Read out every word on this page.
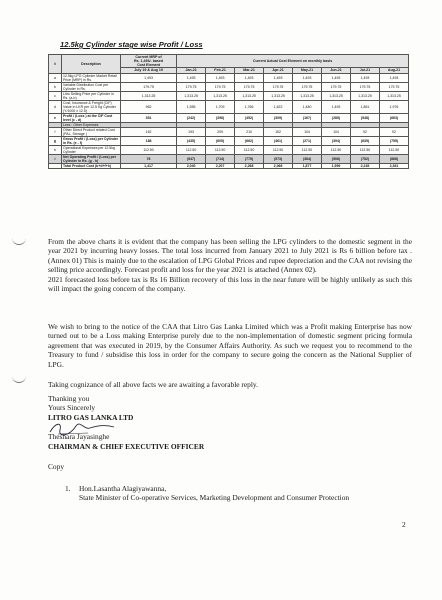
12.5kg Cylinder stage wise Profit / Loss
#	Description	Current MRP of
Rs. 1,493/- based
Cost Element	Current Actual Cost Element on monthly basis							
		July 19 & Aug 19	Jan-21	Feb-21	Mar-21	Apr-21	May-21	Jun-21	Jul-21	Aug-21
a	12.5kg LPG Cylinder Market Retail Price (MRP) in Rs.	1,493	1,493	1,493	1,493	1,493	1,493	1,493	1,493	1,493
b	Variable Distribution Cost per Cylinder in Rs.	179.75	179.75	179.75	179.75	179.75	179.75	179.75	179.75	179.75
c	Litro Selling Price per Cylinder in Rs. (a-b)	1,313.25	1,313.25	1,313.25	1,313.25	1,313.25	1,313.25	1,313.25	1,313.25	1,313.25
d	Cost, Insurance & Freight (CIF) Value in LKR per 12.5 Kg Cylinder (Y/1000 x 12.5)	962	1,555	1,709	1,766	1,622	1,480	1,493	1,861	1,976
e	Profit / (Loss ) at the CIF Cost level (c - d)	351	(242)	(396)	(452)	(309)	(167)	(285)	(548)	(663)
	Less : Other Expenses									
f	Other Direct Product related Cost (PAL, Storage )	162	193	209	210	152	104	104	92	92
g	Gross Profit / (Loss) per Cylinder in Rs. (e - f)	188	(435)	(605)	(662)	(461)	(271)	(394)	(639)	(755)
h	Operational Expenses per 12.5kg Cylinder	112.50	112.50	112.50	112.50	112.50	112.50	112.50	112.50	112.50
i	Net Operating Profit / (Loss) per Cylinder in Rs. (g - h)	76	(547)	(714)	(775)	(573)	(384)	(506)	(752)	(868)
	Total Product Cost (b+d+f+h)	1,417	2,040	2,207	2,268	2,066	1,877	1,999	2,245	2,361
From the above charts it is evident that the company has been selling the LPG cylinders to the domestic segment in the year 2021 by incurring heavy losses. The total loss incurred from January 2021 to July 2021 is Rs 6 billion before tax . (Annex 01) This is mainly due to the escalation of LPG Global Prices and rupee depreciation and the CAA not revising the selling price accordingly. Forecast profit and loss for the year 2021 is attached (Annex 02).
2021 forecasted loss before tax is Rs 16 Billion recovery of this loss in the near future will be highly unlikely as such this will impact the going concern of the company.
We wish to bring to the notice of the CAA that Litro Gas Lanka Limited which was a Profit making Enterprise has now turned out to be a Loss making Enterprise purely due to the non-implementation of domestic segment pricing formula agreement that was executed in 2019, by the Consumer Affairs Authority. As such we request you to recommend to the Treasury to fund / subsidise this loss in order for the company to secure going the concern as the National Supplier of LPG.
Taking cognizance of all above facts we are awaiting a favorable reply.
Thanking you
Yours Sincerely
LITRO GAS LANKA LTD
Theshara Jayasinghe
CHAIRMAN & CHIEF EXECUTIVE OFFICER
Copy
1. Hon.Lasantha Alagiyawanna,
State Minister of Co-operative Services, Marketing Development and Consumer Protection
2
